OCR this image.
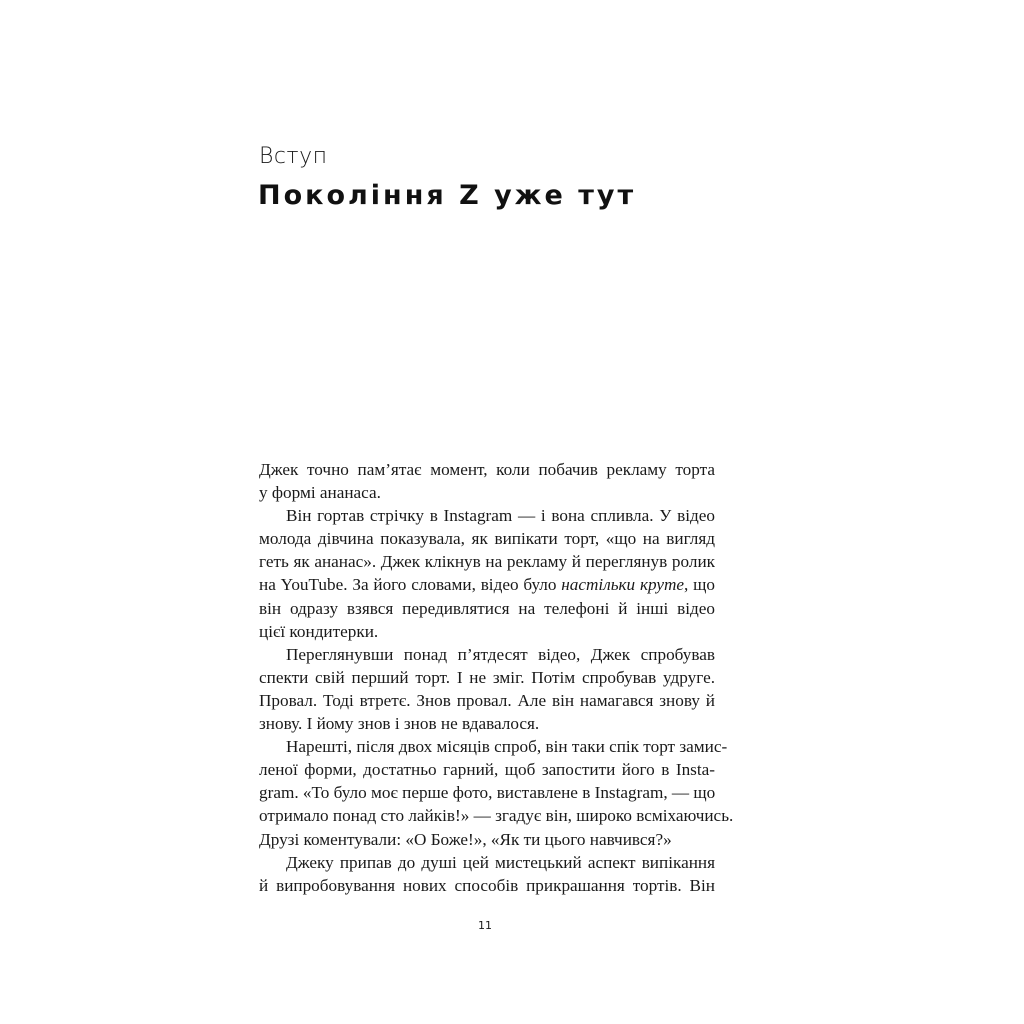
Вступ
Покоління Z уже тут
Джек точно пам’ятає момент, коли побачив рекламу торта
у формі ананаса.
Він гортав стрічку в Instagram — і вона спливла. У відео
молода дівчина показувала, як випікати торт, «що на вигляд
геть як ананас». Джек клікнув на рекламу й переглянув ролик
на YouTube. За його словами, відео було настільки круте, що
він одразу взявся передивлятися на телефоні й інші відео
цієї кондитерки.
Переглянувши понад п’ятдесят відео, Джек спробував
спекти свій перший торт. І не зміг. Потім спробував удруге.
Провал. Тоді втретє. Знов провал. Але він намагався знову й
знову. І йому знов і знов не вдавалося.
Нарешті, після двох місяців спроб, він таки спік торт замис-
леної форми, достатньо гарний, щоб запостити його в Insta-
gram. «То було моє перше фото, виставлене в Instagram, — що
отримало понад сто лайків!» — згадує він, широко всміхаючись.
Друзі коментували: «О Боже!», «Як ти цього навчився?»
Джеку припав до душі цей мистецький аспект випікання
й випробовування нових способів прикрашання тортів. Він
11
